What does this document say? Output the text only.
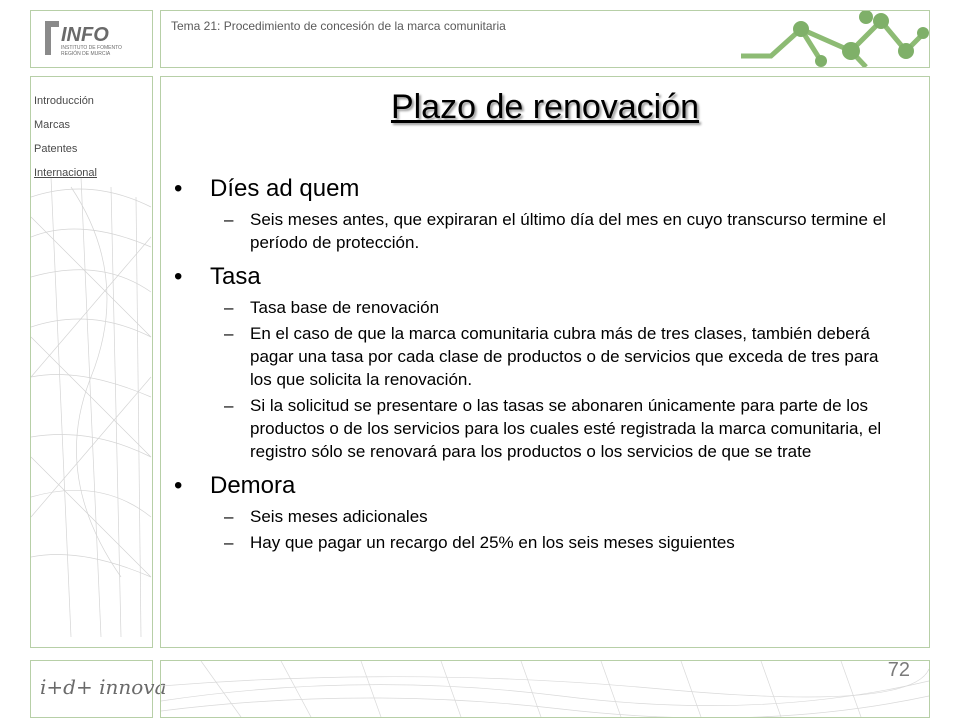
INFO
INSTITUTO DE FOMENTO
REGIÓN DE MURCIA
Tema 21: Procedimiento de concesión de la marca comunitaria
Introducción
Marcas
Patentes
Internacional
Plazo de renovación
• Díes ad quem
– Seis meses antes, que expiraran el último día del mes en cuyo transcurso termine el período de protección.
• Tasa
– Tasa base de renovación
– En el caso de que la marca comunitaria cubra más de tres clases, también deberá pagar una tasa por cada clase de productos o de servicios que exceda de tres para los que solicita la renovación.
– Si la solicitud se presentare o las tasas se abonaren únicamente para parte de los productos o de los servicios para los cuales esté registrada la marca comunitaria, el registro sólo se renovará para los productos o los servicios de que se trate
• Demora
– Seis meses adicionales
– Hay que pagar un recargo del 25% en los seis meses siguientes
i+d+ innova
72
